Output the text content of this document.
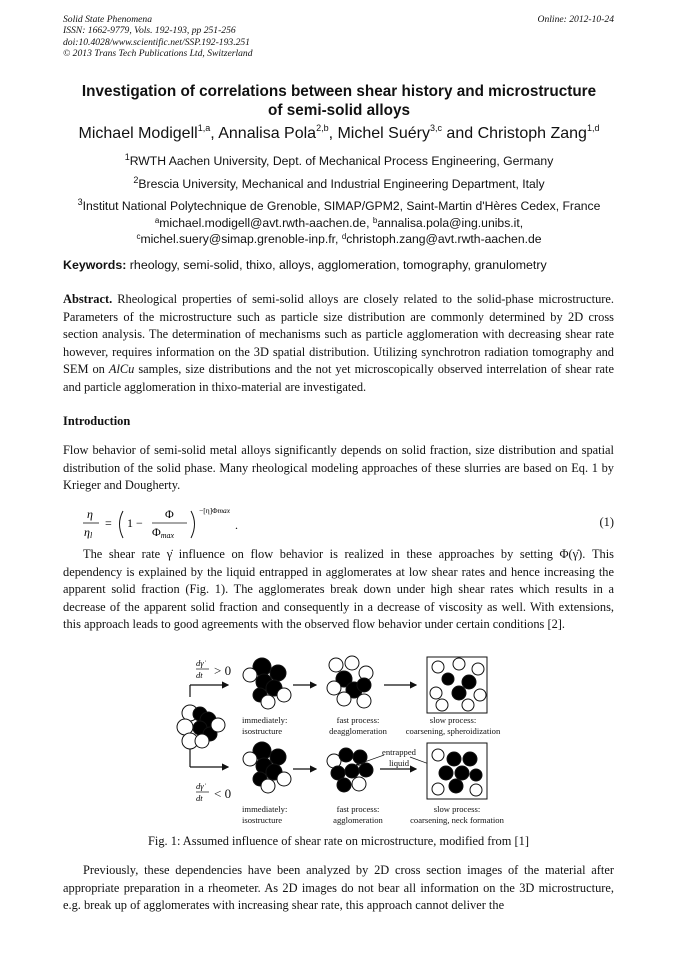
Solid State Phenomena
ISSN: 1662-9779, Vols. 192-193, pp 251-256
doi:10.4028/www.scientific.net/SSP.192-193.251
© 2013 Trans Tech Publications Ltd, Switzerland
Online: 2012-10-24
Investigation of correlations between shear history and microstructure
of semi-solid alloys
Michael Modigell$^{1,a}$, Annalisa Pola$^{2,b}$, Michel Suéry$^{3,c}$ and Christoph Zang$^{1,d}$
$^1$RWTH Aachen University, Dept. of Mechanical Process Engineering, Germany
$^2$Brescia University, Mechanical and Industrial Engineering Department, Italy
$^3$Institut National Polytechnique de Grenoble, SIMAP/GPM2, Saint-Martin d'Hères Cedex, France
$^a$michael.modigell@avt.rwth-aachen.de, $^b$annalisa.pola@ing.unibs.it,
$^c$michel.suery@simap.grenoble-inp.fr, $^d$christoph.zang@avt.rwth-aachen.de
Keywords: rheology, semi-solid, thixo, alloys, agglomeration, tomography, granulometry
Abstract. Rheological properties of semi-solid alloys are closely related to the solid-phase microstructure. Parameters of the microstructure such as particle size distribution are commonly determined by 2D cross section analysis. The determination of mechanisms such as particle agglomeration with decreasing shear rate however, requires information on the 3D spatial distribution. Utilizing synchrotron radiation tomography and SEM on AlCu samples, size distributions and the not yet microscopically observed interrelation of shear rate and particle agglomeration in thixo-material are investigated.
Introduction
Flow behavior of semi-solid metal alloys significantly depends on solid fraction, size distribution and spatial distribution of the solid phase. Many rheological modeling approaches of these slurries are based on Eq. 1 by Krieger and Dougherty.
η
ηl
= 1 −
Φ
Φmax
−[η]Φmax
.	(1)
The shear rate γ̇ influence on flow behavior is realized in these approaches by setting Φ(γ̇). This dependency is explained by the liquid entrapped in agglomerates at low shear rates and hence increasing the apparent solid fraction (Fig. 1). The agglomerates break down under high shear rates which results in a decrease of the apparent solid fraction and consequently in a decrease of viscosity as well. With extensions, this approach leads to good agreements with the observed flow behavior under certain conditions [2].
dγ̇
dt
dγ̇
dt
> 0
< 0
immediately:
isostructure
fast process:
deagglomeration
slow process:
coarsening, spheroidization
entrapped
liquid
immediately:
isostructure
fast process:
agglomeration
slow process:
coarsening, neck formation
Fig. 1: Assumed influence of shear rate on microstructure, modified from [1]
Previously, these dependencies have been analyzed by 2D cross section images of the material after appropriate preparation in a rheometer. As 2D images do not bear all information on the 3D microstructure, e.g. break up of agglomerates with increasing shear rate, this approach cannot deliver the
